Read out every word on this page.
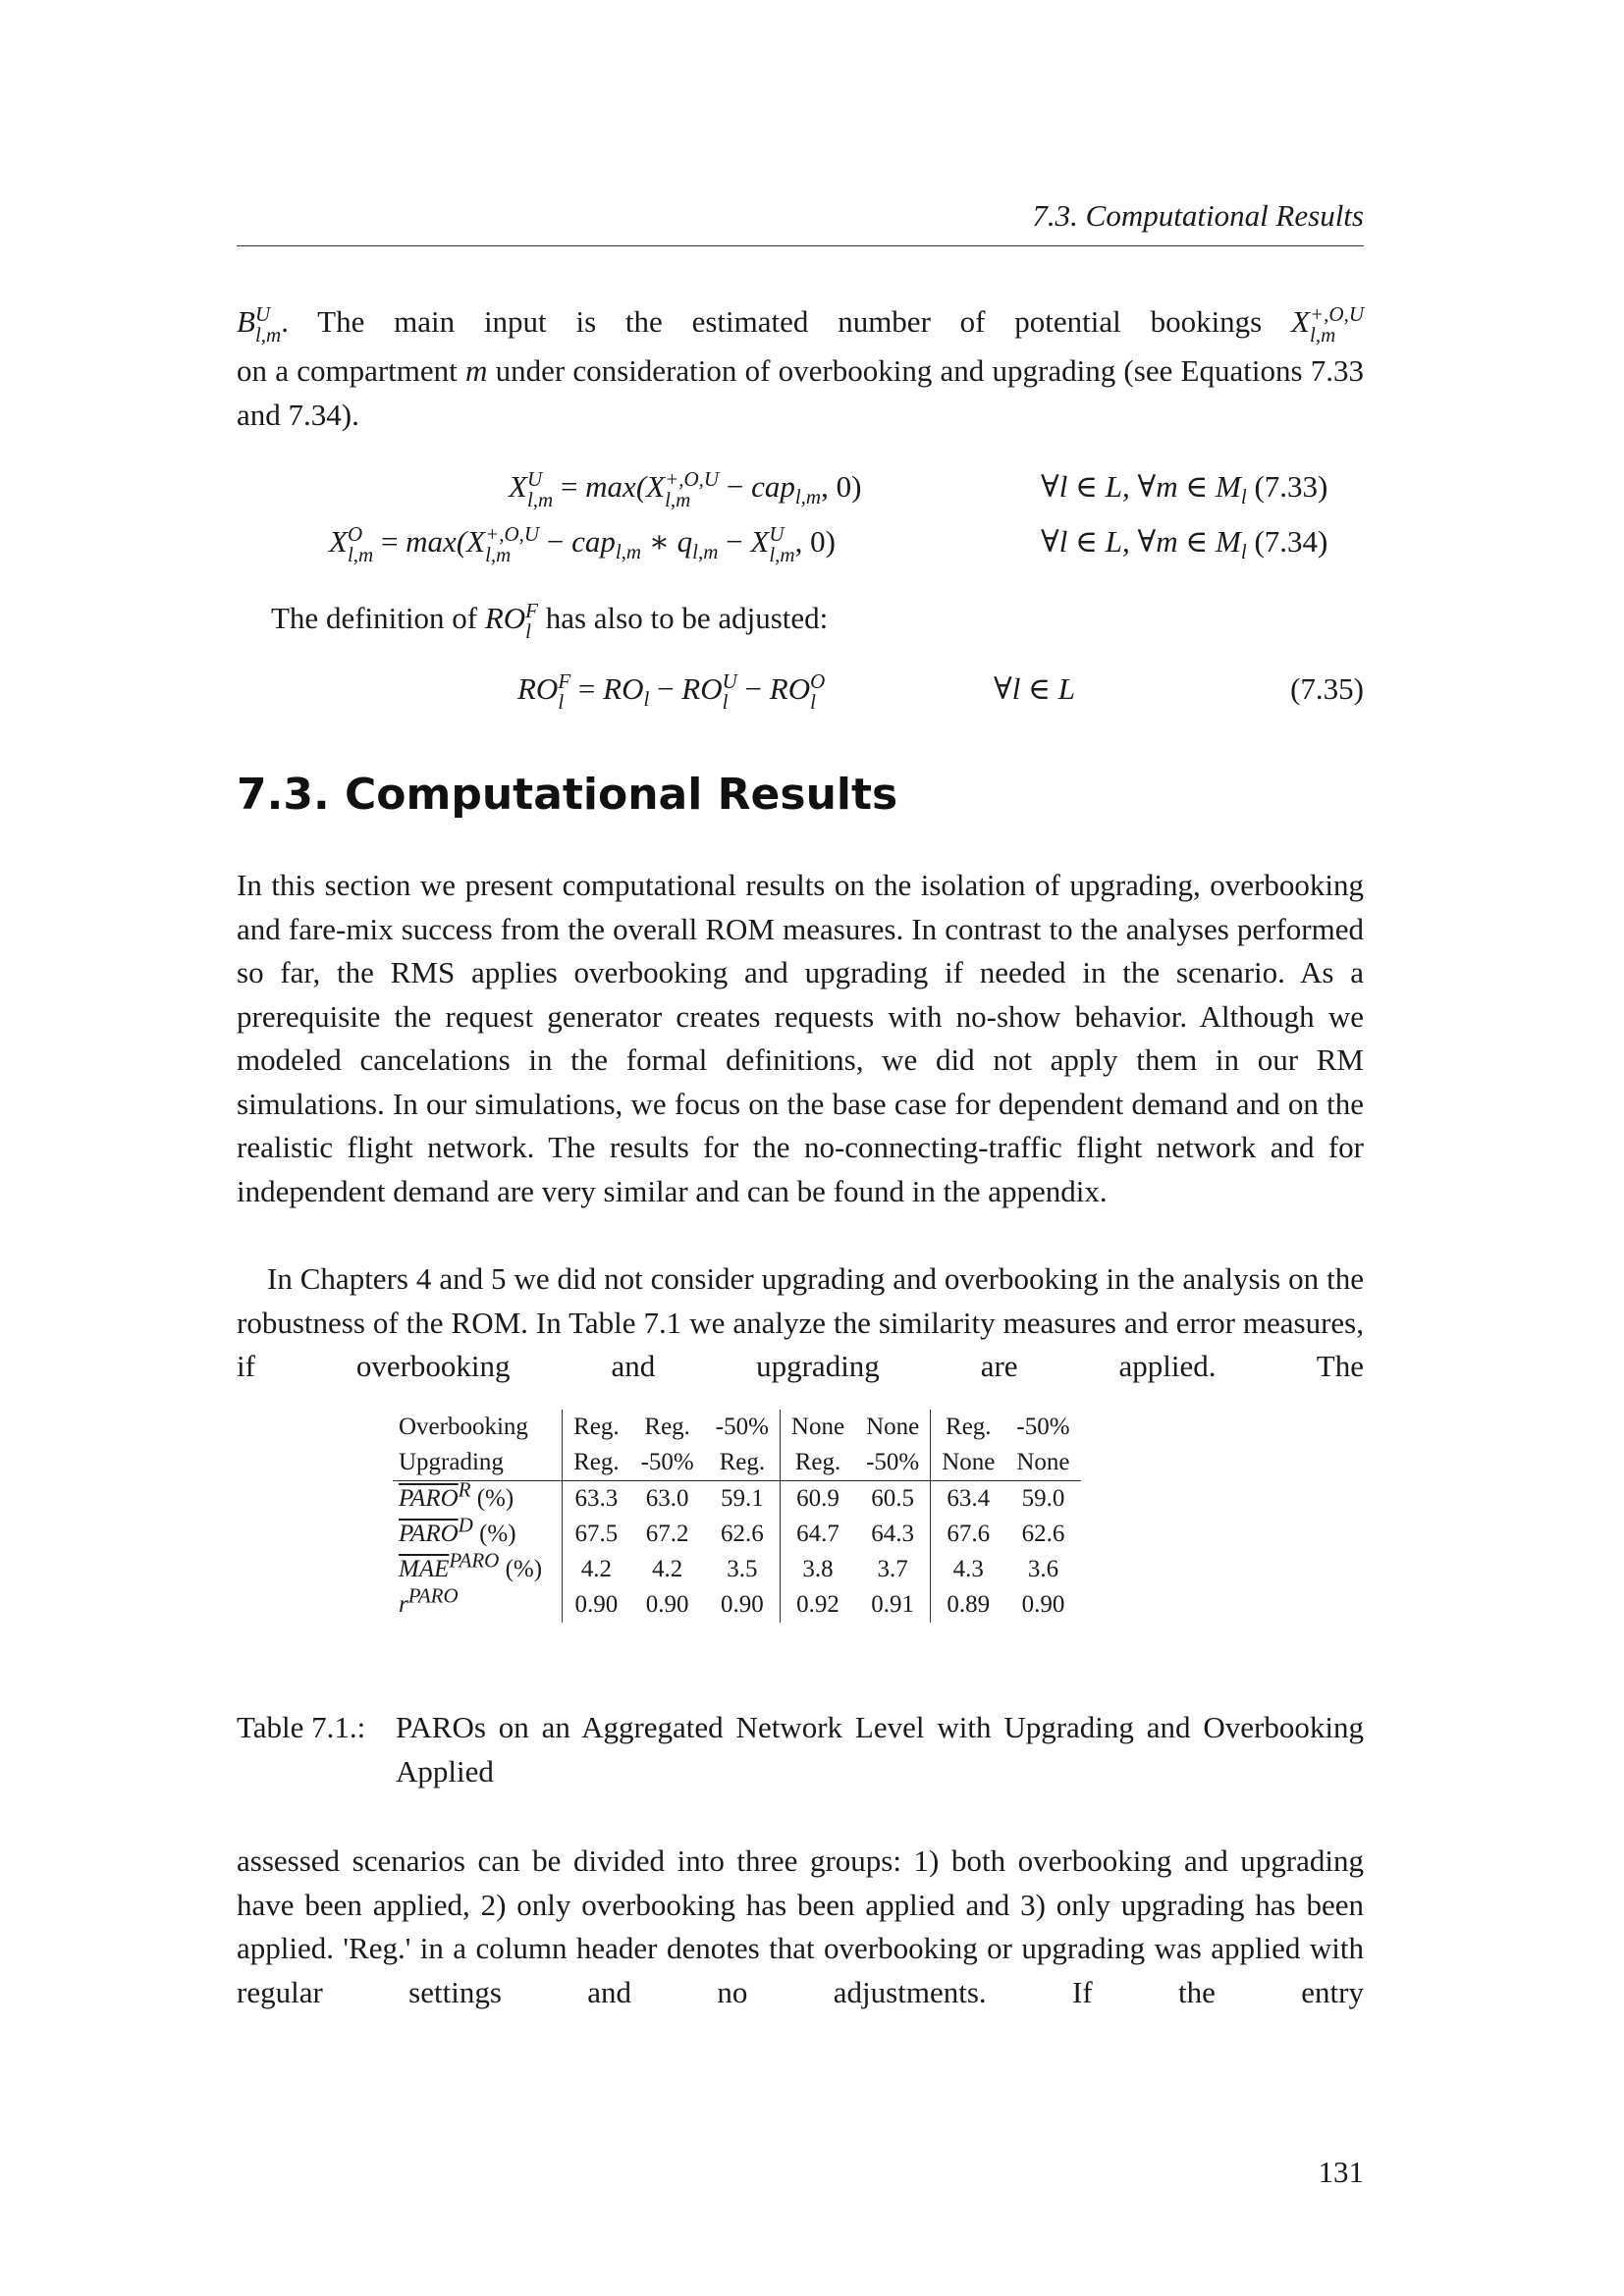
7.3. Computational Results

B U
l,m . The main input is the estimated number of potential bookings X +,O,U
l,m

on a compartment m under consideration of overbooking and upgrading (see Equations 7.33 and 7.34).

X U
l,m = max(X +,O,U
l,m	− cap$_{l,m}$, 0)	∀l ∈ L, ∀m ∈ $M_l$ (7.33)
X O
l,m = max(X +,O,U
l,m	− cap$_{l,m}$ ∗ $q_{l,m} - X$ U
l,m , 0)	∀l ∈ L, ∀m ∈ $M_l$ (7.34)

The definition of RO F
l has also to be adjusted:

RO F
$l = RO_l$ − RO U
l − RO O
l	∀l ∈ L	(7.35)
7.3. Computational Results

In this section we present computational results on the isolation of upgrading, overbooking and fare-mix success from the overall ROM measures. In contrast to the analyses performed so far, the RMS applies overbooking and upgrading if needed in the scenario. As a prerequisite the request generator creates requests with no-show behavior. Although we modeled cancelations in the formal definitions, we did not apply them in our RM simulations. In our simulations, we focus on the base case for dependent demand and on the realistic flight network. The results for the no-connecting-traffic flight network and for independent demand are very similar and can be found in the appendix.

In Chapters 4 and 5 we did not consider upgrading and overbooking in the analysis on the robustness of the ROM. In Table 7.1 we analyze the similarity measures and error measures, if overbooking and upgrading are applied. The

Overbooking	Reg.	Reg.	-50%	None	None	Reg.	-50%
Upgrading	Reg.	-50%	Reg.	Reg.	-50%	None	None
$PARO^R$ (%)	63.3	63.0	59.1	60.9	60.5	63.4	59.0
$PARO^D$ (%)	67.5	67.2	62.6	64.7	64.3	67.6	62.6
$\overline{MAE}^{PARO}$ (%)	4.2	4.2	3.5	3.8	3.7	4.3	3.6
$r^{PARO}$	0.90	0.90	0.90	0.92	0.91	0.89	0.90
Table 7.1.: PAROs on an Aggregated Network Level with Upgrading and Overbooking Applied

assessed scenarios can be divided into three groups: 1) both overbooking and upgrading have been applied, 2) only overbooking has been applied and 3) only upgrading has been applied. 'Reg.' in a column header denotes that overbooking or upgrading was applied with regular settings and no adjustments. If the entry

131
